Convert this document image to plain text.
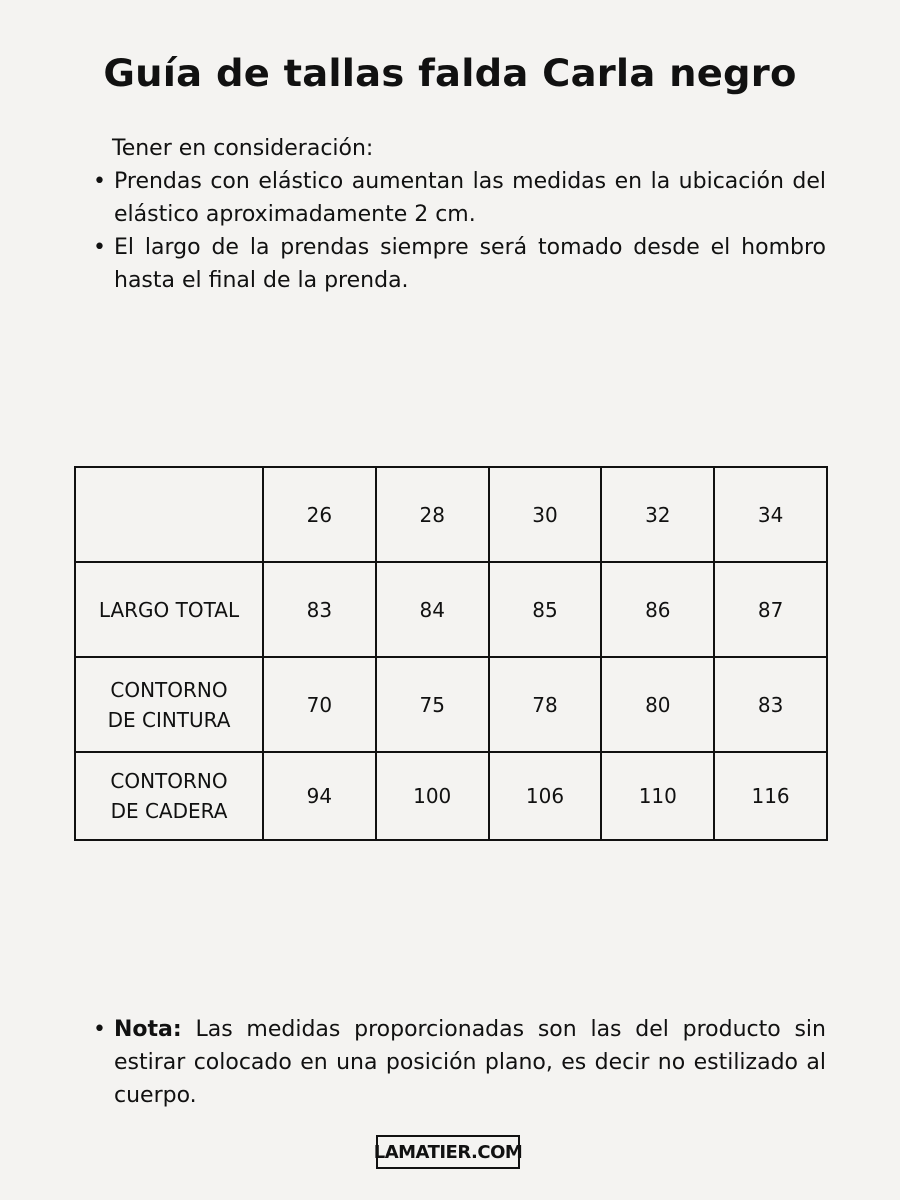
Guía de tallas falda Carla negro
Tener en consideración:
• Prendas con elástico aumentan las medidas en la ubicación del elástico aproximadamente 2 cm.
• El largo de la prendas siempre será tomado desde el hombro hasta el final de la prenda.
	26	28	30	32	34
LARGO TOTAL	83	84	85	86	87

CONTORNO
DE CINTURA	70	75	78	80	83

CONTORNO
DE CADERA	94	100	106	110	116
• Nota: Las medidas proporcionadas son las del producto sin estirar colocado en una posición plano, es decir no estilizado al cuerpo.
LAMATIER.COM
